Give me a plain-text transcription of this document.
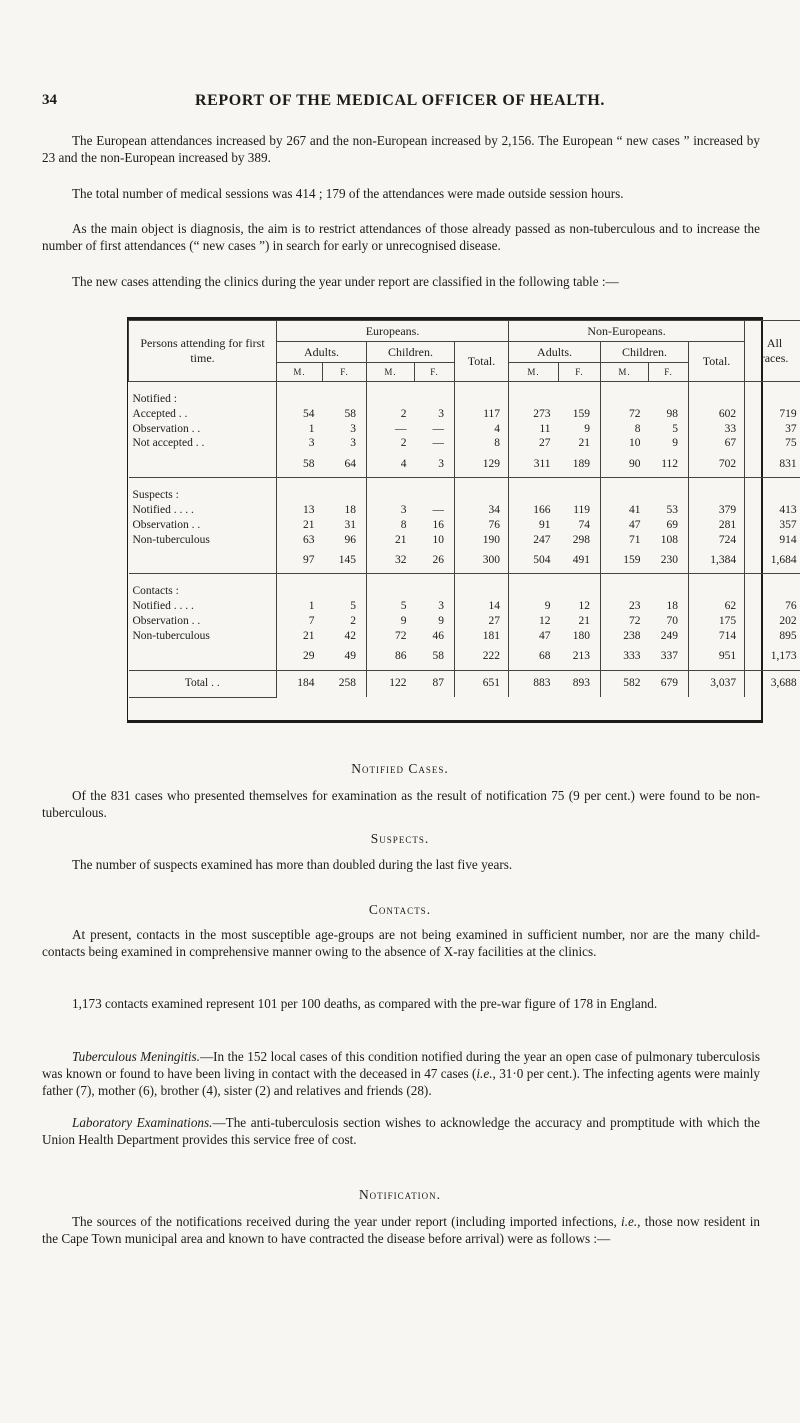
34	REPORT OF THE MEDICAL OFFICER OF HEALTH.

The European attendances increased by 267 and the non-European increased by 2,156. The European “ new cases ” increased by 23 and the non-European increased by 389.

The total number of medical sessions was 414 ; 179 of the attendances were made outside session hours.

As the main object is diagnosis, the aim is to restrict attendances of those already passed as non-tuberculous and to increase the number of first attendances (“ new cases ”) in search for early or unrecognised disease.

The new cases attending the clinics during the year under report are classified in the following table :—

Persons attending for first time.	Europeans.					Non-Europeans.					All races.
	Adults.		Children.		Total.	Adults.		Children.		Total.	
	M.	F.	M.	F.		M.	F.	M.	F.		
Notified :											
Accepted . .	54	58	2	3	117	273	159	72	98	602	719
Observation . .	1	3	—	—	4	11	9	8	5	33	37
Not accepted . .	3	3	2	—	8	27	21	10	9	67	75
	58	64	4	3	129	311	189	90	112	702	831
Suspects :											
Notified . . . .	13	18	3	—	34	166	119	41	53	379	413
Observation . .	21	31	8	16	76	91	74	47	69	281	357
Non-tuberculous	63	96	21	10	190	247	298	71	108	724	914
	97	145	32	26	300	504	491	159	230	1,384	1,684
Contacts :											
Notified . . . .	1	5	5	3	14	9	12	23	18	62	76
Observation . .	7	2	9	9	27	12	21	72	70	175	202
Non-tuberculous	21	42	72	46	181	47	180	238	249	714	895
	29	49	86	58	222	68	213	333	337	951	1,173
Total . .	184	258	122	87	651	883	893	582	679	3,037	3,688
Notified Cases.

Of the 831 cases who presented themselves for examination as the result of notification 75 (9 per cent.) were found to be non-tuberculous.

Suspects.

The number of suspects examined has more than doubled during the last five years.

Contacts.

At present, contacts in the most susceptible age-groups are not being examined in sufficient number, nor are the many child-contacts being examined in comprehensive manner owing to the absence of X-ray facilities at the clinics.

1,173 contacts examined represent 101 per 100 deaths, as compared with the pre-war figure of 178 in England.

Tuberculous Meningitis.—In the 152 local cases of this condition notified during the year an open case of pulmonary tuberculosis was known or found to have been living in contact with the deceased in 47 cases (i.e., 31·0 per cent.). The infecting agents were mainly father (7), mother (6), brother (4), sister (2) and relatives and friends (28).

Laboratory Examinations.—The anti-tuberculosis section wishes to acknowledge the accuracy and promptitude with which the Union Health Department provides this service free of cost.

Notification.

The sources of the notifications received during the year under report (including imported infections, i.e., those now resident in the Cape Town municipal area and known to have contracted the disease before arrival) were as follows :—
